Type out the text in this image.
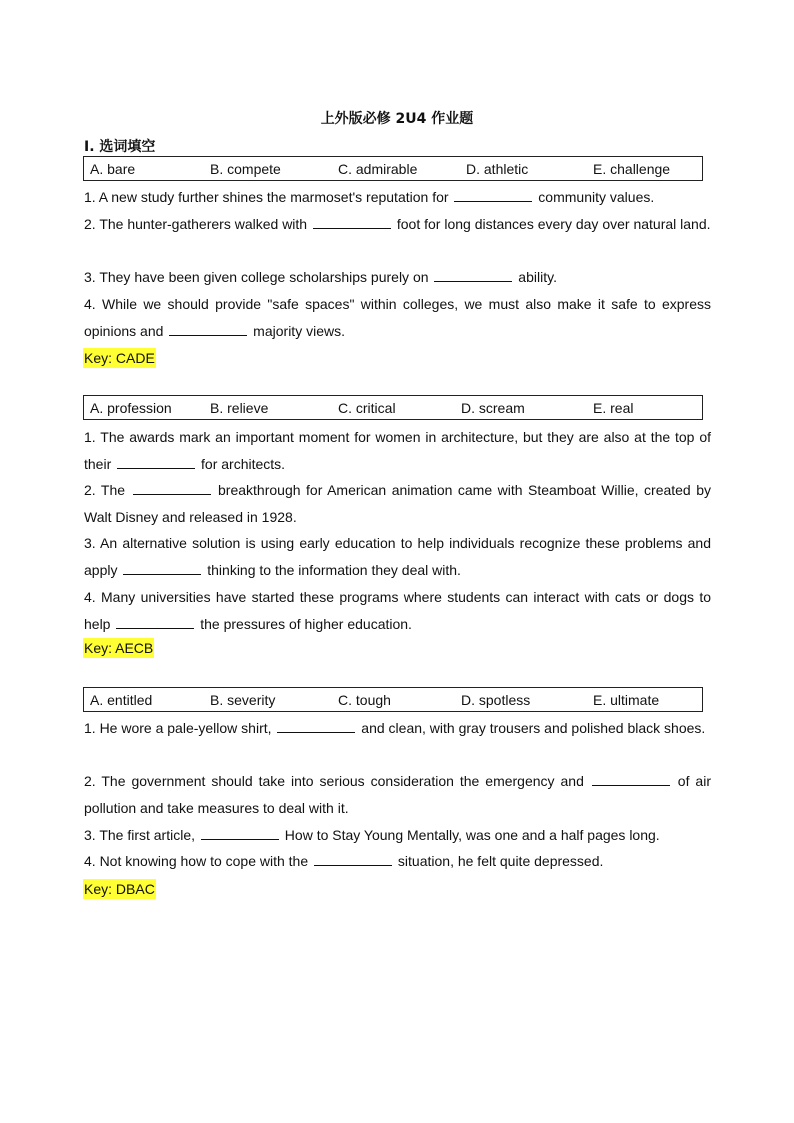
上外版必修 2U4 作业题
I. 选词填空
A. bare	B. compete	C. admirable	D. athletic	E. challenge
1. A new study further shines the marmoset's reputation for	community values.
2. The hunter-gatherers walked with	foot for long distances every day over natural land.
3. They have been given college scholarships purely on	ability.
4. While we should provide "safe spaces" within colleges, we must also make it safe to express opinions and	majority views.
Key: CADE
A. profession	B. relieve	C. critical	D. scream	E. real
1. The awards mark an important moment for women in architecture, but they are also at the top of their	for architects.
2. The	breakthrough for American animation came with Steamboat Willie, created by Walt Disney and released in 1928.
3. An alternative solution is using early education to help individuals recognize these problems and apply	thinking to the information they deal with.
4. Many universities have started these programs where students can interact with cats or dogs to help	the pressures of higher education.
Key: AECB
A. entitled	B. severity	C. tough	D. spotless	E. ultimate
1. He wore a pale-yellow shirt,	and clean, with gray trousers and polished black shoes.
2. The government should take into serious consideration the emergency and	of air pollution and take measures to deal with it.
3. The first article,	How to Stay Young Mentally, was one and a half pages long.
4. Not knowing how to cope with the	situation, he felt quite depressed.
Key: DBAC
